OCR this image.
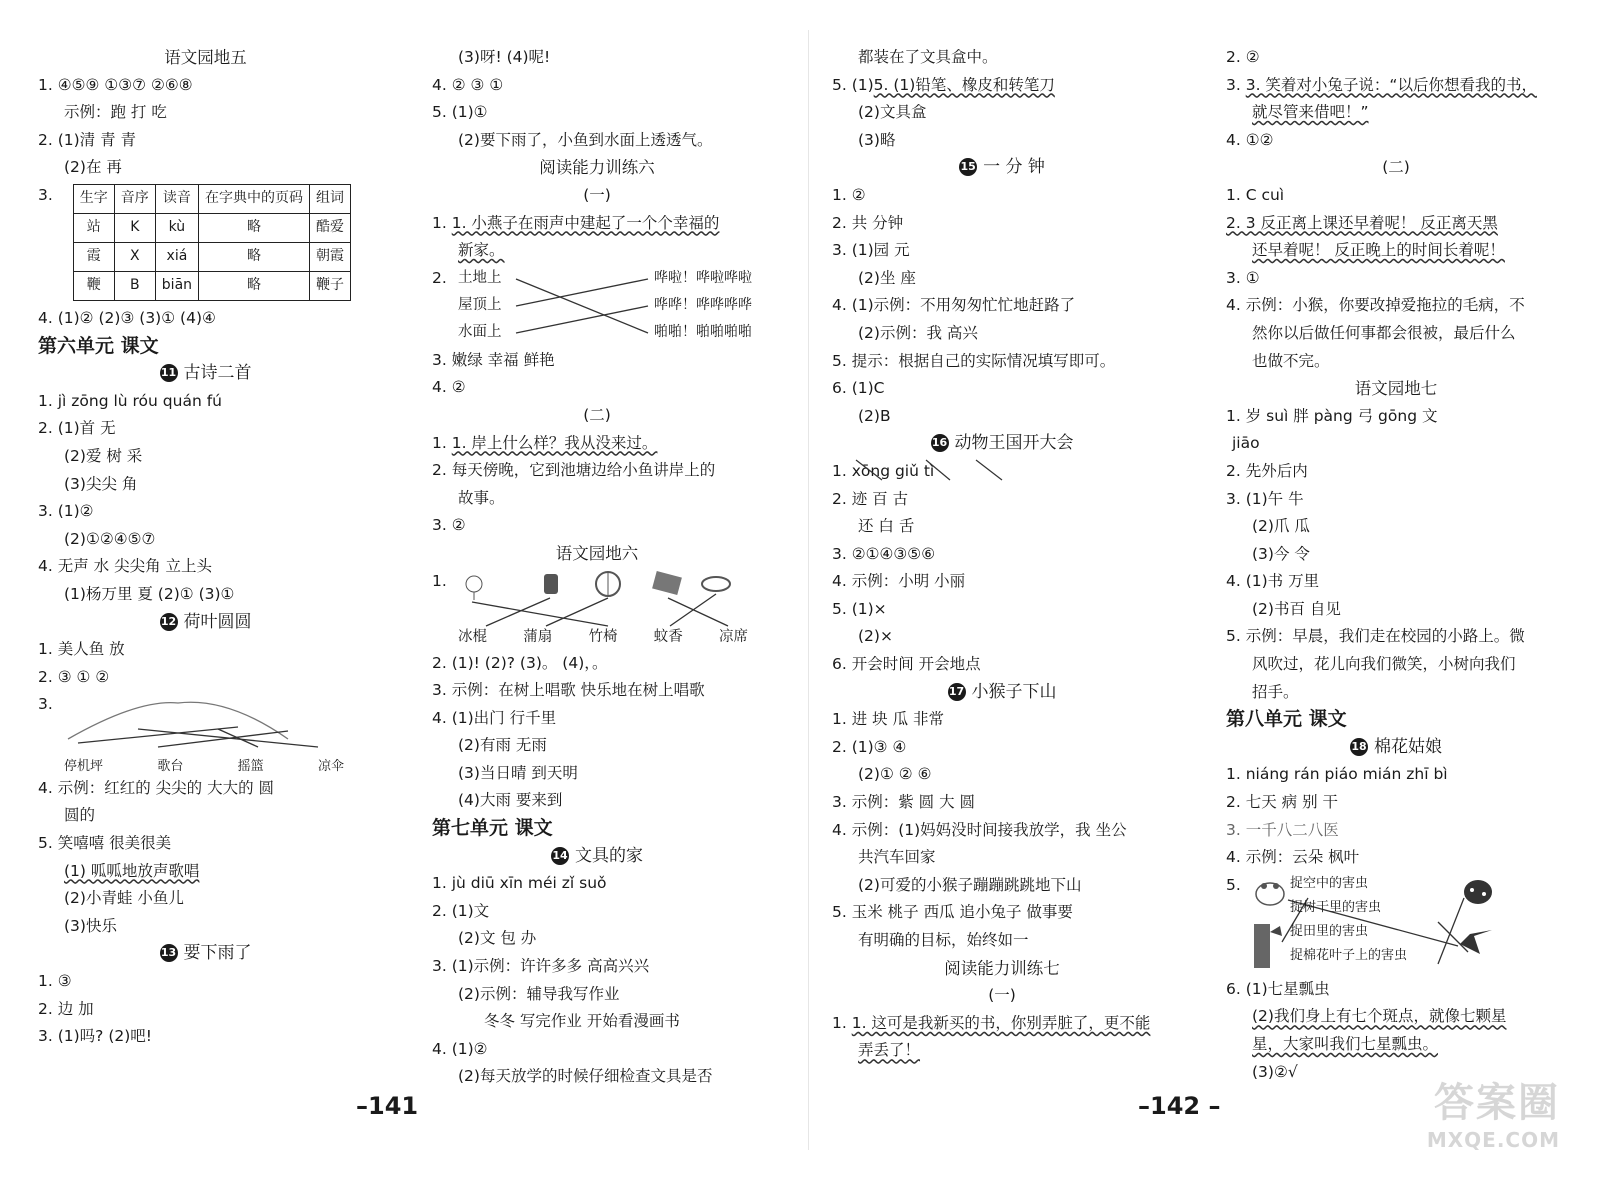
语文园地五
1. ④⑤⑨ ①③⑦ ②⑥⑧
示例：跑 打 吃
2. (1)清 青 青
(2)在 再
3. 生字	音序	读音	在字典中的页码	组词
站	K	kù	略	酷爱
霞	X	xiá	略	朝霞
鞭	B	biān	略	鞭子
4. (1)② (2)③ (3)① (4)④
第六单元 课文
11 古诗二首
1. jì zōng lù róu quán fú
2. (1)首 无
(2)爱 树 采
(3)尖尖 角
3. (1)②
(2)①②④⑤⑦
4. 无声 水 尖尖角 立上头
(1)杨万里 夏 (2)① (3)①
12 荷叶圆圆
1. 美人鱼 放
2. ③ ① ②
3.
停机坪	歌台	摇篮	凉伞
4. 示例：红红的 尖尖的 大大的 圆
圆的
5. 笑嘻嘻 很美很美
(1) 呱呱地放声歌唱
(2)小青蛙 小鱼儿
(3)快乐
13 要下雨了
1. ③
2. 边 加
3. (1)吗? (2)吧!
(3)呀! (4)呢!
4. ② ③ ①
5. (1)①
(2)要下雨了，小鱼到水面上透透气。
阅读能力训练六
(一)
1. 1. 小燕子在雨声中建起了一个个幸福的
新家。
2. 土地上
屋顶上
水面上
哗啦！哗啦哗啦
哗哗！哗哗哗哗
啪啪！啪啪啪啪
3. 嫩绿 幸福 鲜艳
4. ②
(二)
1. 1. 岸上什么样？我从没来过。
2. 每天傍晚，它到池塘边给小鱼讲岸上的
故事。
3. ②
语文园地六
1.
冰棍	蒲扇	竹椅	蚊香	凉席
2. (1)! (2)? (3)。 (4)，。
3. 示例：在树上唱歌 快乐地在树上唱歌
4. (1)出门 行千里
(2)有雨 无雨
(3)当日晴 到天明
(4)大雨 要来到
第七单元 课文
14 文具的家
1. jù diū xīn méi zǐ suǒ
2. (1)文
(2)文 包 办
3. (1)示例：许许多多 高高兴兴
(2)示例：辅导我写作业
冬冬 写完作业 开始看漫画书
4. (1)②
(2)每天放学的时候仔细检查文具是否
都装在了文具盒中。
5. (1)5. (1)铅笔、橡皮和转笔刀
(2)文具盒
(3)略
15 一 分 钟
1. ②
2. 共 分钟
3. (1)园 元
(2)坐 座
4. (1)示例：不用匆匆忙忙地赶路了
(2)示例：我 高兴
5. 提示：根据自己的实际情况填写即可。
6. (1)C
(2)B
16 动物王国开大会
1. xōng giǔ tì
2. 迹 百 古
还 白 舌
3. ②①④③⑤⑥
4. 示例：小明 小丽
5. (1)×
(2)×
6. 开会时间 开会地点
17 小猴子下山
1. 进 块 瓜 非常
2. (1)③ ④
(2)① ② ⑥
3. 示例：紫 圆 大 圆
4. 示例：(1)妈妈没时间接我放学，我 坐公
共汽车回家
(2)可爱的小猴子蹦蹦跳跳地下山
5. 玉米 桃子 西瓜 追小兔子 做事要
有明确的目标，始终如一
阅读能力训练七
(一)
1. 1. 这可是我新买的书，你别弄脏了，更不能
弄丢了！
2. ②
3. 3. 笑着对小兔子说：“以后你想看我的书，
就尽管来借吧！”
4. ①②
(二)
1. C cuì
2. 3 反正离上课还早着呢！ 反正离天黑
还早着呢！ 反正晚上的时间长着呢！
3. ①
4. 示例：小猴，你要改掉爱拖拉的毛病，不
然你以后做任何事都会很被，最后什么
也做不完。
语文园地七
1. 岁 suì 胖 pàng 弓 gōng 文
jiāo
2. 先外后内
3. (1)午 牛
(2)爪 瓜
(3)今 令
4. (1)书 万里
(2)书百 自见
5. 示例：早晨，我们走在校园的小路上。微
风吹过，花儿向我们微笑，小树向我们
招手。
第八单元 课文
18 棉花姑娘
1. niáng rán piáo mián zhī bì
2. 七天 病 别 干
3. 一千八二八医
4. 示例：云朵 枫叶
5.	捉空中的害虫
捉树干里的害虫
捉田里的害虫
捉棉花叶子上的害虫
6. (1)七星瓢虫
(2)我们身上有七个斑点，就像七颗星
星，大家叫我们七星瓢虫。
(3)②√
–141	–142 –	答案圈
MXQE.COM
